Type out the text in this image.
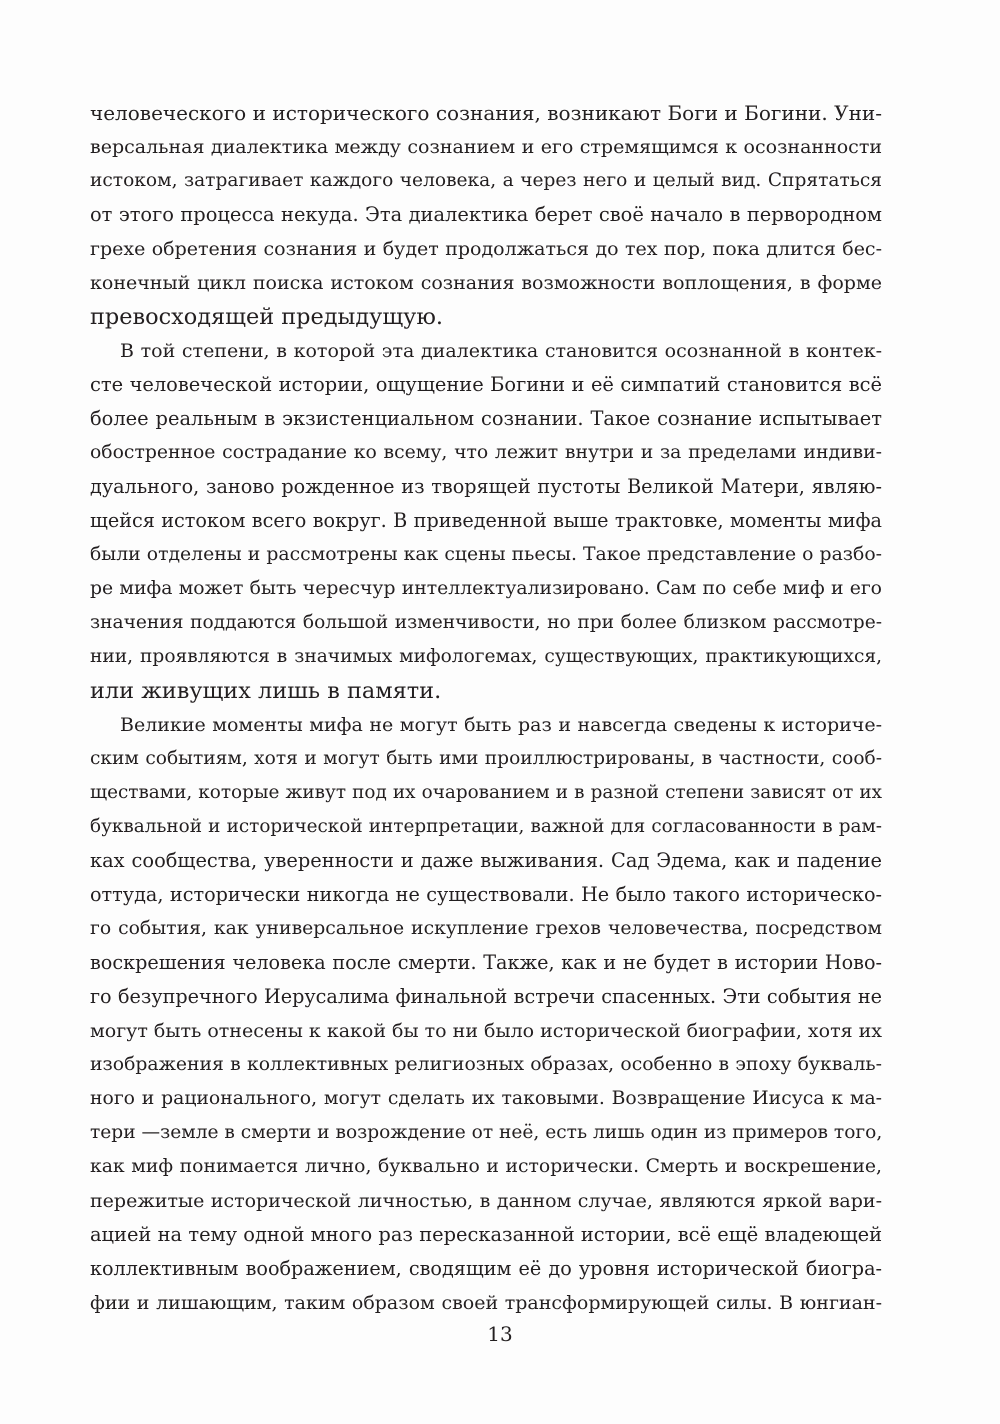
человеческого и исторического сознания, возникают Боги и Богини. Уни-
версальная диалектика между сознанием и его стремящимся к осознанности
истоком, затрагивает каждого человека, а через него и целый вид. Спрятаться
от этого процесса некуда. Эта диалектика берет своё начало в первородном
грехе обретения сознания и будет продолжаться до тех пор, пока длится бес-
конечный цикл поиска истоком сознания возможности воплощения, в форме
превосходящей предыдущую.
В той степени, в которой эта диалектика становится осознанной в контек-
сте человеческой истории, ощущение Богини и её симпатий становится всё
более реальным в экзистенциальном сознании. Такое сознание испытывает
обостренное сострадание ко всему, что лежит внутри и за пределами индиви-
дуального, заново рожденное из творящей пустоты Великой Матери, являю-
щейся истоком всего вокруг. В приведенной выше трактовке, моменты мифа
были отделены и рассмотрены как сцены пьесы. Такое представление о разбо-
ре мифа может быть чересчур интеллектуализировано. Сам по себе миф и его
значения поддаются большой изменчивости, но при более близком рассмотре-
нии, проявляются в значимых мифологемах, существующих, практикующихся,
или живущих лишь в памяти.
Великие моменты мифа не могут быть раз и навсегда сведены к историче-
ским событиям, хотя и могут быть ими проиллюстрированы, в частности, сооб-
ществами, которые живут под их очарованием и в разной степени зависят от их
буквальной и исторической интерпретации, важной для согласованности в рам-
ках сообщества, уверенности и даже выживания. Сад Эдема, как и падение
оттуда, исторически никогда не существовали. Не было такого историческо-
го события, как универсальное искупление грехов человечества, посредством
воскрешения человека после смерти. Также, как и не будет в истории Ново-
го безупречного Иерусалима финальной встречи спасенных. Эти события не
могут быть отнесены к какой бы то ни было исторической биографии, хотя их
изображения в коллективных религиозных образах, особенно в эпоху букваль-
ного и рационального, могут сделать их таковыми. Возвращение Иисуса к ма-
тери —земле в смерти и возрождение от неё, есть лишь один из примеров того,
как миф понимается лично, буквально и исторически. Смерть и воскрешение,
пережитые исторической личностью, в данном случае, являются яркой вари-
ацией на тему одной много раз пересказанной истории, всё ещё владеющей
коллективным воображением, сводящим её до уровня исторической биогра-
фии и лишающим, таким образом своей трансформирующей силы. В юнгиан-
13
